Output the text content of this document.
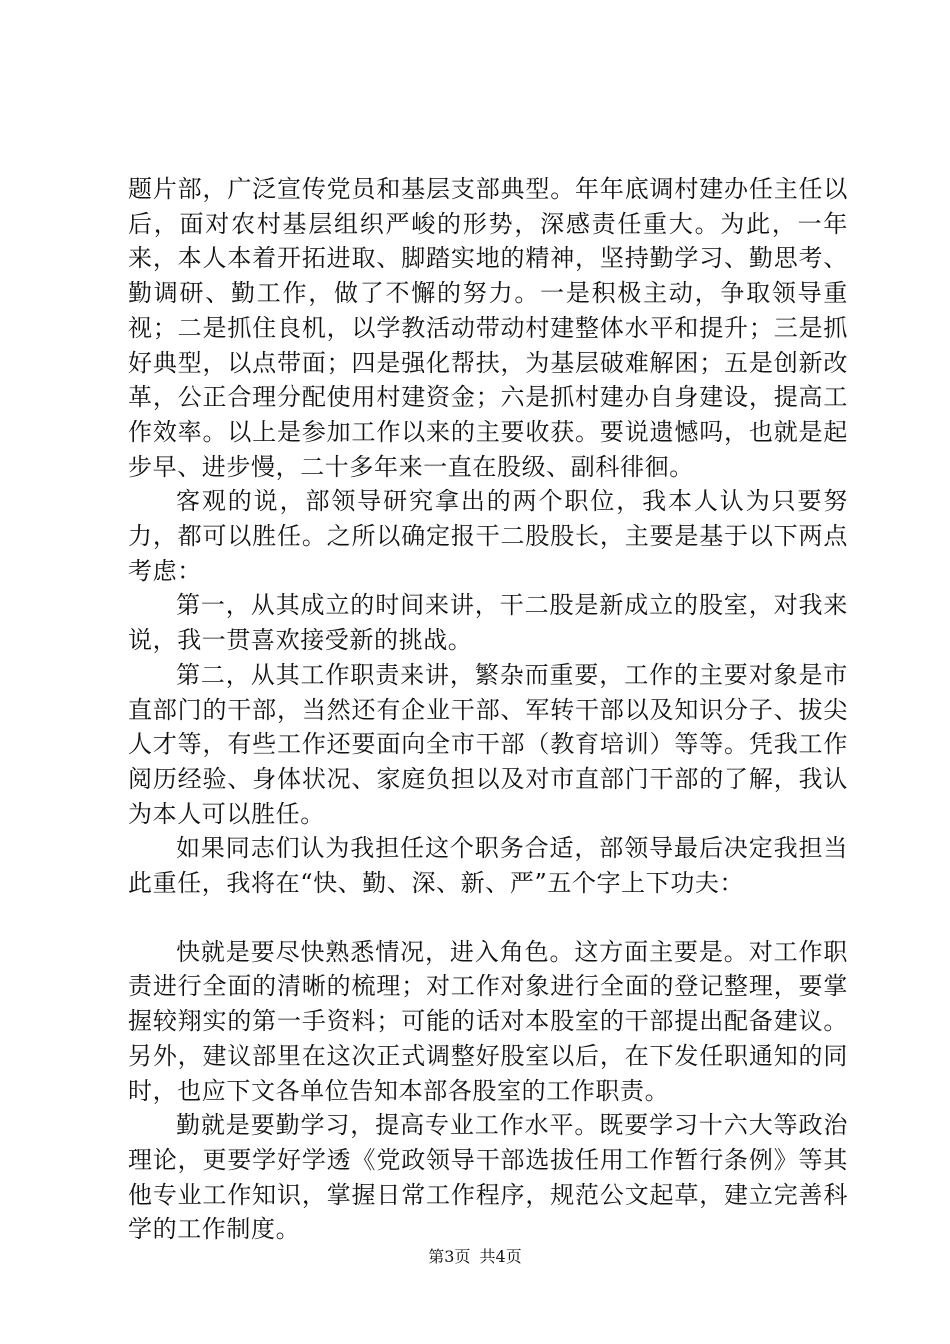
题片部，广泛宣传党员和基层支部典型。年年底调村建办任主任以后，面对农村基层组织严峻的形势，深感责任重大。为此，一年来，本人本着开拓进取、脚踏实地的精神，坚持勤学习、勤思考、勤调研、勤工作，做了不懈的努力。一是积极主动，争取领导重视；二是抓住良机，以学教活动带动村建整体水平和提升；三是抓好典型，以点带面；四是强化帮扶，为基层破难解困；五是创新改革，公正合理分配使用村建资金；六是抓村建办自身建设，提高工作效率。以上是参加工作以来的主要收获。要说遗憾吗，也就是起步早、进步慢，二十多年来一直在股级、副科徘徊。

客观的说，部领导研究拿出的两个职位，我本人认为只要努力，都可以胜任。之所以确定报干二股股长，主要是基于以下两点考虑：

第一，从其成立的时间来讲，干二股是新成立的股室，对我来说，我一贯喜欢接受新的挑战。

第二，从其工作职责来讲，繁杂而重要，工作的主要对象是市直部门的干部，当然还有企业干部、军转干部以及知识分子、拔尖人才等，有些工作还要面向全市干部（教育培训）等等。凭我工作阅历经验、身体状况、家庭负担以及对市直部门干部的了解，我认为本人可以胜任。

如果同志们认为我担任这个职务合适，部领导最后决定我担当此重任，我将在“快、勤、深、新、严”五个字上下功夫：

快就是要尽快熟悉情况，进入角色。这方面主要是。对工作职责进行全面的清晰的梳理；对工作对象进行全面的登记整理，要掌握较翔实的第一手资料；可能的话对本股室的干部提出配备建议。另外，建议部里在这次正式调整好股室以后，在下发任职通知的同时，也应下文各单位告知本部各股室的工作职责。

勤就是要勤学习，提高专业工作水平。既要学习十六大等政治理论，更要学好学透《党政领导干部选拔任用工作暂行条例》等其他专业工作知识，掌握日常工作程序，规范公文起草，建立完善科学的工作制度。

第3页 共4页
